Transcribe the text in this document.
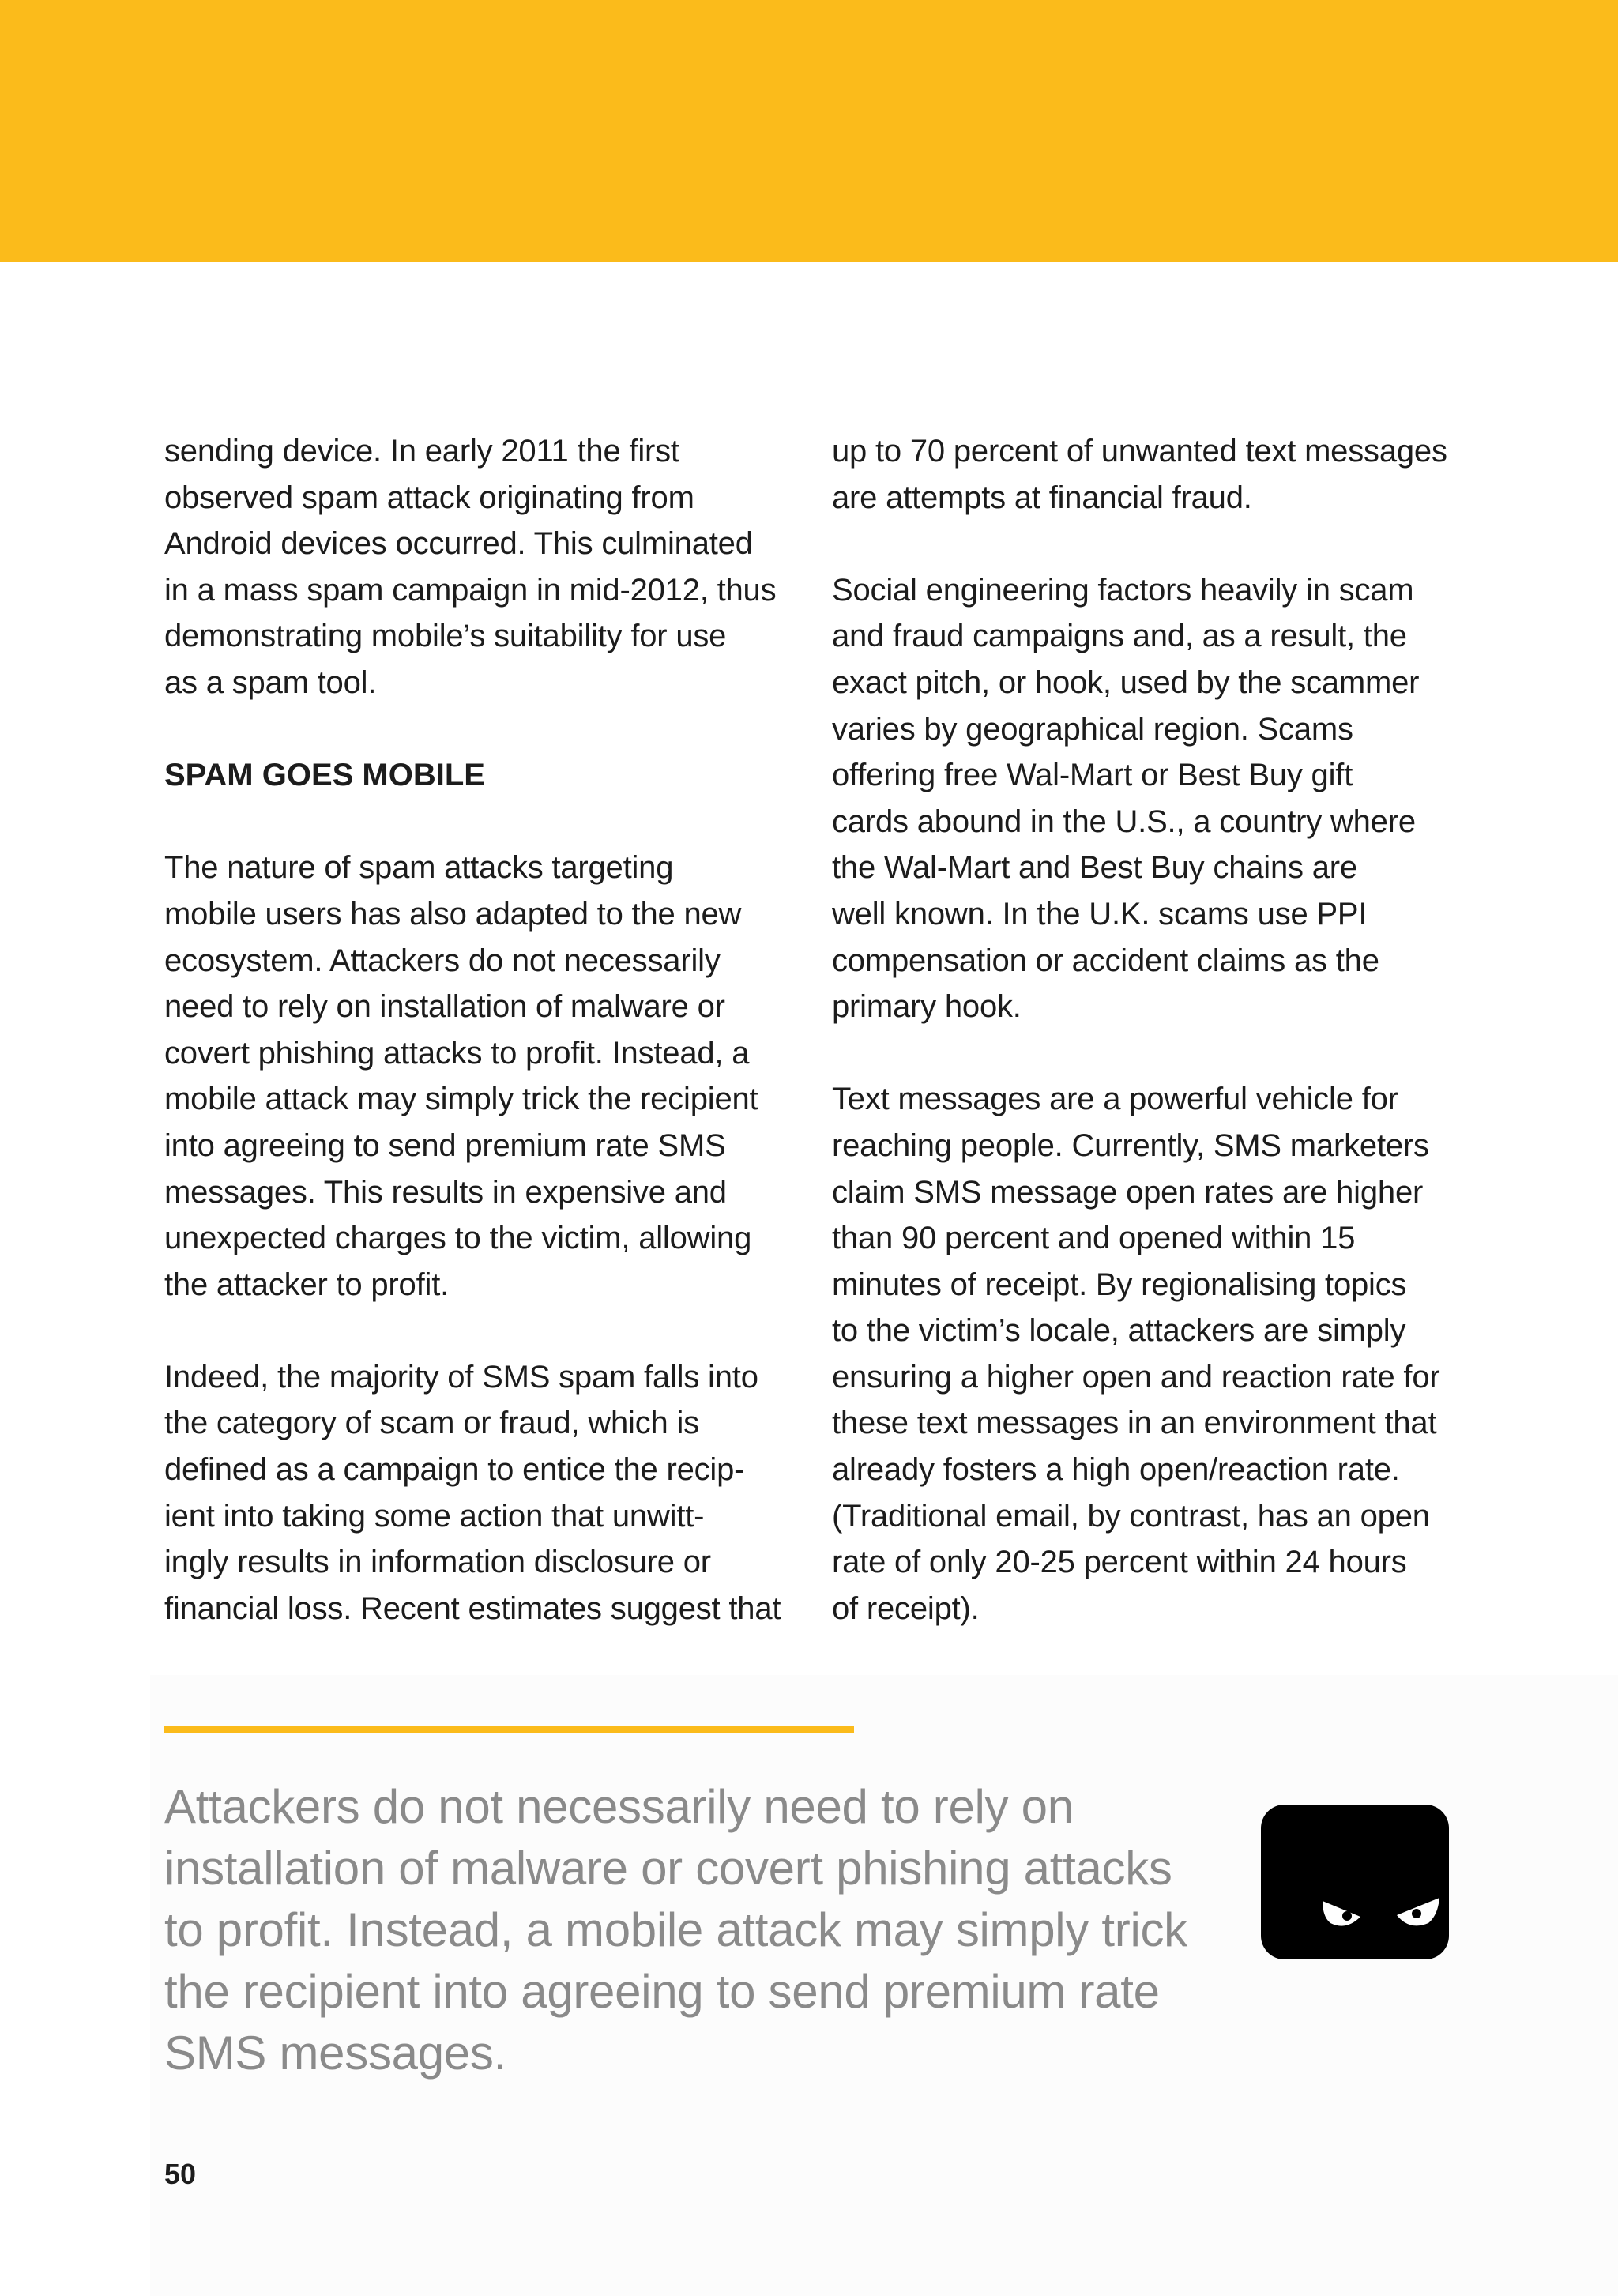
sending device. In early 2011 the first
observed spam attack originating from
Android devices occurred. This culminated
in a mass spam campaign in mid-2012, thus
demonstrating mobile’s suitability for use
as a spam tool.

SPAM GOES MOBILE

The nature of spam attacks targeting
mobile users has also adapted to the new
ecosystem. Attackers do not necessarily
need to rely on installation of malware or
covert phishing attacks to profit. Instead, a
mobile attack may simply trick the recipient
into agreeing to send premium rate SMS
messages. This results in expensive and
unexpected charges to the victim, allowing
the attacker to profit.

Indeed, the majority of SMS spam falls into
the category of scam or fraud, which is
defined as a campaign to entice the recip-
ient into taking some action that unwitt-
ingly results in information disclosure or
financial loss. Recent estimates suggest that

up to 70 percent of unwanted text messages
are attempts at financial fraud.

Social engineering factors heavily in scam
and fraud campaigns and, as a result, the
exact pitch, or hook, used by the scammer
varies by geographical region. Scams
offering free Wal-Mart or Best Buy gift
cards abound in the U.S., a country where
the Wal-Mart and Best Buy chains are
well known. In the U.K. scams use PPI
compensation or accident claims as the
primary hook.

Text messages are a powerful vehicle for
reaching people. Currently, SMS marketers
claim SMS message open rates are higher
than 90 percent and opened within 15
minutes of receipt. By regionalising topics
to the victim’s locale, attackers are simply
ensuring a higher open and reaction rate for
these text messages in an environment that
already fosters a high open/reaction rate.
(Traditional email, by contrast, has an open
rate of only 20-25 percent within 24 hours
of receipt).

Attackers do not necessarily need to rely on
installation of malware or covert phishing attacks
to profit. Instead, a mobile attack may simply trick
the recipient into agreeing to send premium rate
SMS messages.

50
